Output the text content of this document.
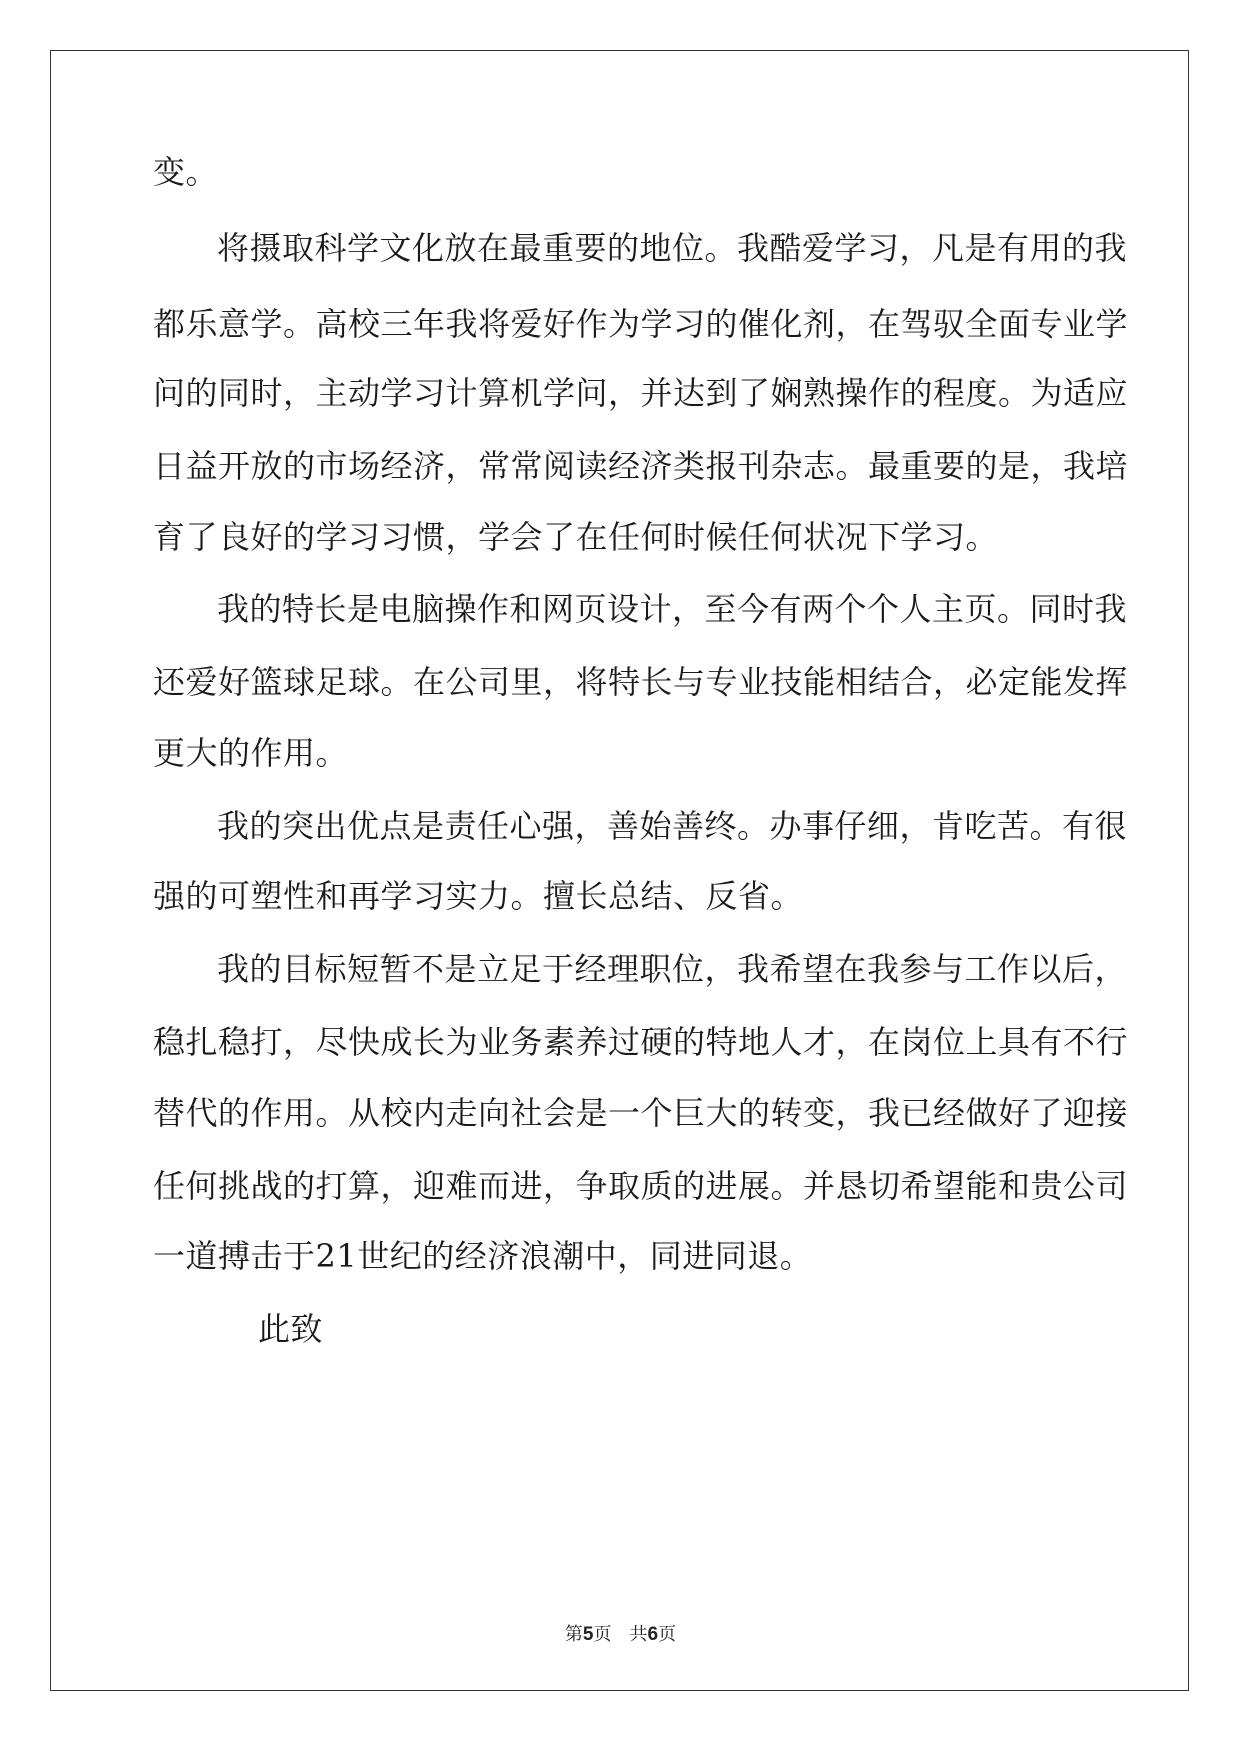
变。
将摄取科学文化放在最重要的地位。我酷爱学习，凡是有用的我
都乐意学。高校三年我将爱好作为学习的催化剂，在驾驭全面专业学
问的同时，主动学习计算机学问，并达到了娴熟操作的程度。为适应
日益开放的市场经济，常常阅读经济类报刊杂志。最重要的是，我培
育了良好的学习习惯，学会了在任何时候任何状况下学习。
我的特长是电脑操作和网页设计，至今有两个个人主页。同时我
还爱好篮球足球。在公司里，将特长与专业技能相结合，必定能发挥
更大的作用。
我的突出优点是责任心强，善始善终。办事仔细，肯吃苦。有很
强的可塑性和再学习实力。擅长总结、反省。
我的目标短暂不是立足于经理职位，我希望在我参与工作以后，
稳扎稳打，尽快成长为业务素养过硬的特地人才，在岗位上具有不行
替代的作用。从校内走向社会是一个巨大的转变，我已经做好了迎接
任何挑战的打算，迎难而进，争取质的进展。并恳切希望能和贵公司
一道搏击于21世纪的经济浪潮中，同进同退。
此致
第5页 共6页
